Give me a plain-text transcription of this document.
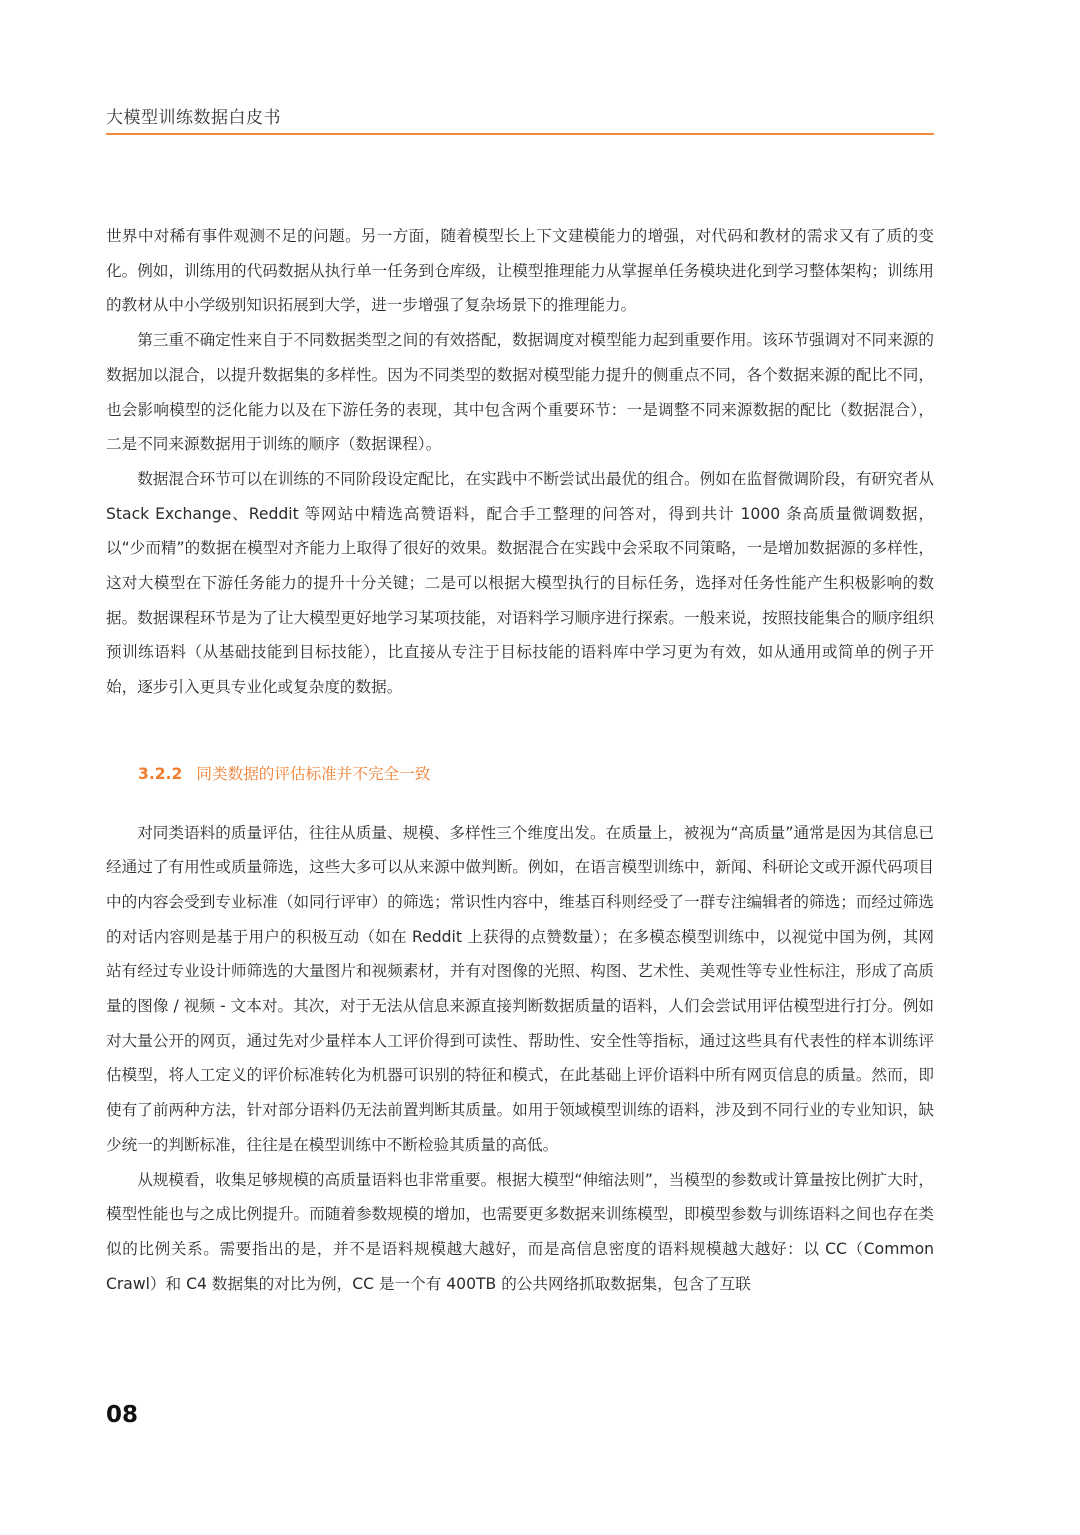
大模型训练数据白皮书

世界中对稀有事件观测不足的问题。另一方面，随着模型长上下文建模能力的增强，对代码和教材的需求又有了质的变化。例如，训练用的代码数据从执行单一任务到仓库级，让模型推理能力从掌握单任务模块进化到学习整体架构；训练用的教材从中小学级别知识拓展到大学，进一步增强了复杂场景下的推理能力。

第三重不确定性来自于不同数据类型之间的有效搭配，数据调度对模型能力起到重要作用。该环节强调对不同来源的数据加以混合，以提升数据集的多样性。因为不同类型的数据对模型能力提升的侧重点不同，各个数据来源的配比不同，也会影响模型的泛化能力以及在下游任务的表现，其中包含两个重要环节：一是调整不同来源数据的配比（数据混合），二是不同来源数据用于训练的顺序（数据课程）。

数据混合环节可以在训练的不同阶段设定配比，在实践中不断尝试出最优的组合。例如在监督微调阶段，有研究者从 Stack Exchange、Reddit 等网站中精选高赞语料，配合手工整理的问答对，得到共计 1000 条高质量微调数据，以“少而精”的数据在模型对齐能力上取得了很好的效果。数据混合在实践中会采取不同策略，一是增加数据源的多样性，这对大模型在下游任务能力的提升十分关键；二是可以根据大模型执行的目标任务，选择对任务性能产生积极影响的数据。数据课程环节是为了让大模型更好地学习某项技能，对语料学习顺序进行探索。一般来说，按照技能集合的顺序组织预训练语料（从基础技能到目标技能），比直接从专注于目标技能的语料库中学习更为有效，如从通用或简单的例子开始，逐步引入更具专业化或复杂度的数据。

3.2.2 同类数据的评估标准并不完全一致

对同类语料的质量评估，往往从质量、规模、多样性三个维度出发。在质量上，被视为“高质量”通常是因为其信息已经通过了有用性或质量筛选，这些大多可以从来源中做判断。例如，在语言模型训练中，新闻、科研论文或开源代码项目中的内容会受到专业标准（如同行评审）的筛选；常识性内容中，维基百科则经受了一群专注编辑者的筛选；而经过筛选的对话内容则是基于用户的积极互动（如在 Reddit 上获得的点赞数量）；在多模态模型训练中，以视觉中国为例，其网站有经过专业设计师筛选的大量图片和视频素材，并有对图像的光照、构图、艺术性、美观性等专业性标注，形成了高质量的图像 / 视频 - 文本对。其次，对于无法从信息来源直接判断数据质量的语料，人们会尝试用评估模型进行打分。例如对大量公开的网页，通过先对少量样本人工评价得到可读性、帮助性、安全性等指标，通过这些具有代表性的样本训练评估模型，将人工定义的评价标准转化为机器可识别的特征和模式，在此基础上评价语料中所有网页信息的质量。然而，即使有了前两种方法，针对部分语料仍无法前置判断其质量。如用于领域模型训练的语料，涉及到不同行业的专业知识，缺少统一的判断标准，往往是在模型训练中不断检验其质量的高低。

从规模看，收集足够规模的高质量语料也非常重要。根据大模型“伸缩法则”，当模型的参数或计算量按比例扩大时，模型性能也与之成比例提升。而随着参数规模的增加，也需要更多数据来训练模型，即模型参数与训练语料之间也存在类似的比例关系。需要指出的是，并不是语料规模越大越好，而是高信息密度的语料规模越大越好：以 CC（Common Crawl）和 C4 数据集的对比为例，CC 是一个有 400TB 的公共网络抓取数据集，包含了互联

08
